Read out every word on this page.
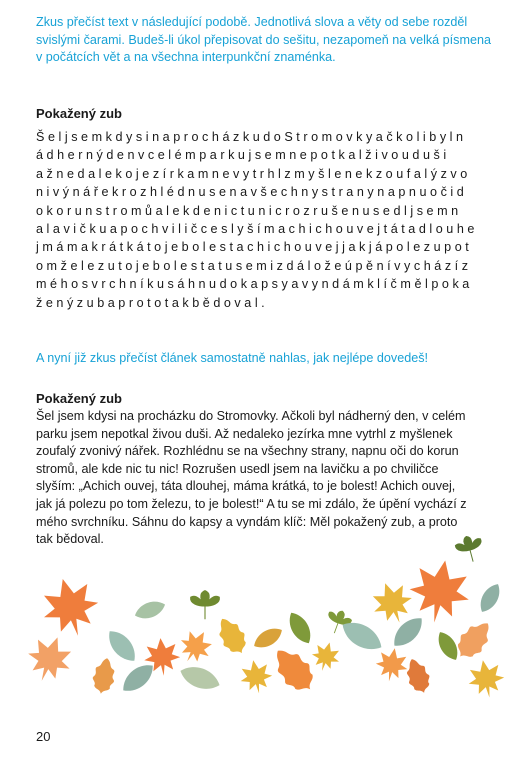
Zkus přečíst text v následující podobě. Jednotlivá slova a věty od sebe rozděl svislými čarami. Budeš-li úkol přepisovat do sešitu, nezapomeň na velká písmena v počátcích vět a na všechna interpunkční znaménka.
Pokažený zub
ŠeljsemkdysinaprocházkudoStromovkyačkolibyln
ádhernýdenvcelémparkujsemnepotkalživouduši
ažnedalekojezírkamnevytrhlzmyšlenekzoufalýzvo
nivýnářekrozhlédnusenavšechnystranynapnuočid
okorunstromůalekdenictunicrozrušenusedljsemn
alavičkuapochviličceslyšímachichouvejtátadlouhe
jmámakrátkátojebolestachichouvejjakjápolezupot
omželezutojebolestatusemizdáložeúpěnívycházíz
méhosvrchníkusáhnudokapsyavyndámklíčmělpoka
ženýzubaprototakbědoval.
A nyní již zkus přečíst článek samostatně nahlas, jak nejlépe dovedeš!
Pokažený zub
Šel jsem kdysi na procházku do Stromovky. Ačkoli byl nádherný den, v celém
parku jsem nepotkal živou duši. Až nedaleko jezírka mne vytrhl z myšlenek
zoufalý zvonivý nářek. Rozhlédnu se na všechny strany, napnu oči do korun
stromů, ale kde nic tu nic! Rozrušen usedl jsem na lavičku a po chviličce
slyším: „Achich ouvej, táta dlouhej, máma krátká, to je bolest! Achich ouvej,
jak já polezu po tom železu, to je bolest!“ A tu se mi zdálo, že úpění vychází z
mého svrchníku. Sáhnu do kapsy a vyndám klíč: Měl pokažený zub, a proto
tak bědoval.
20
